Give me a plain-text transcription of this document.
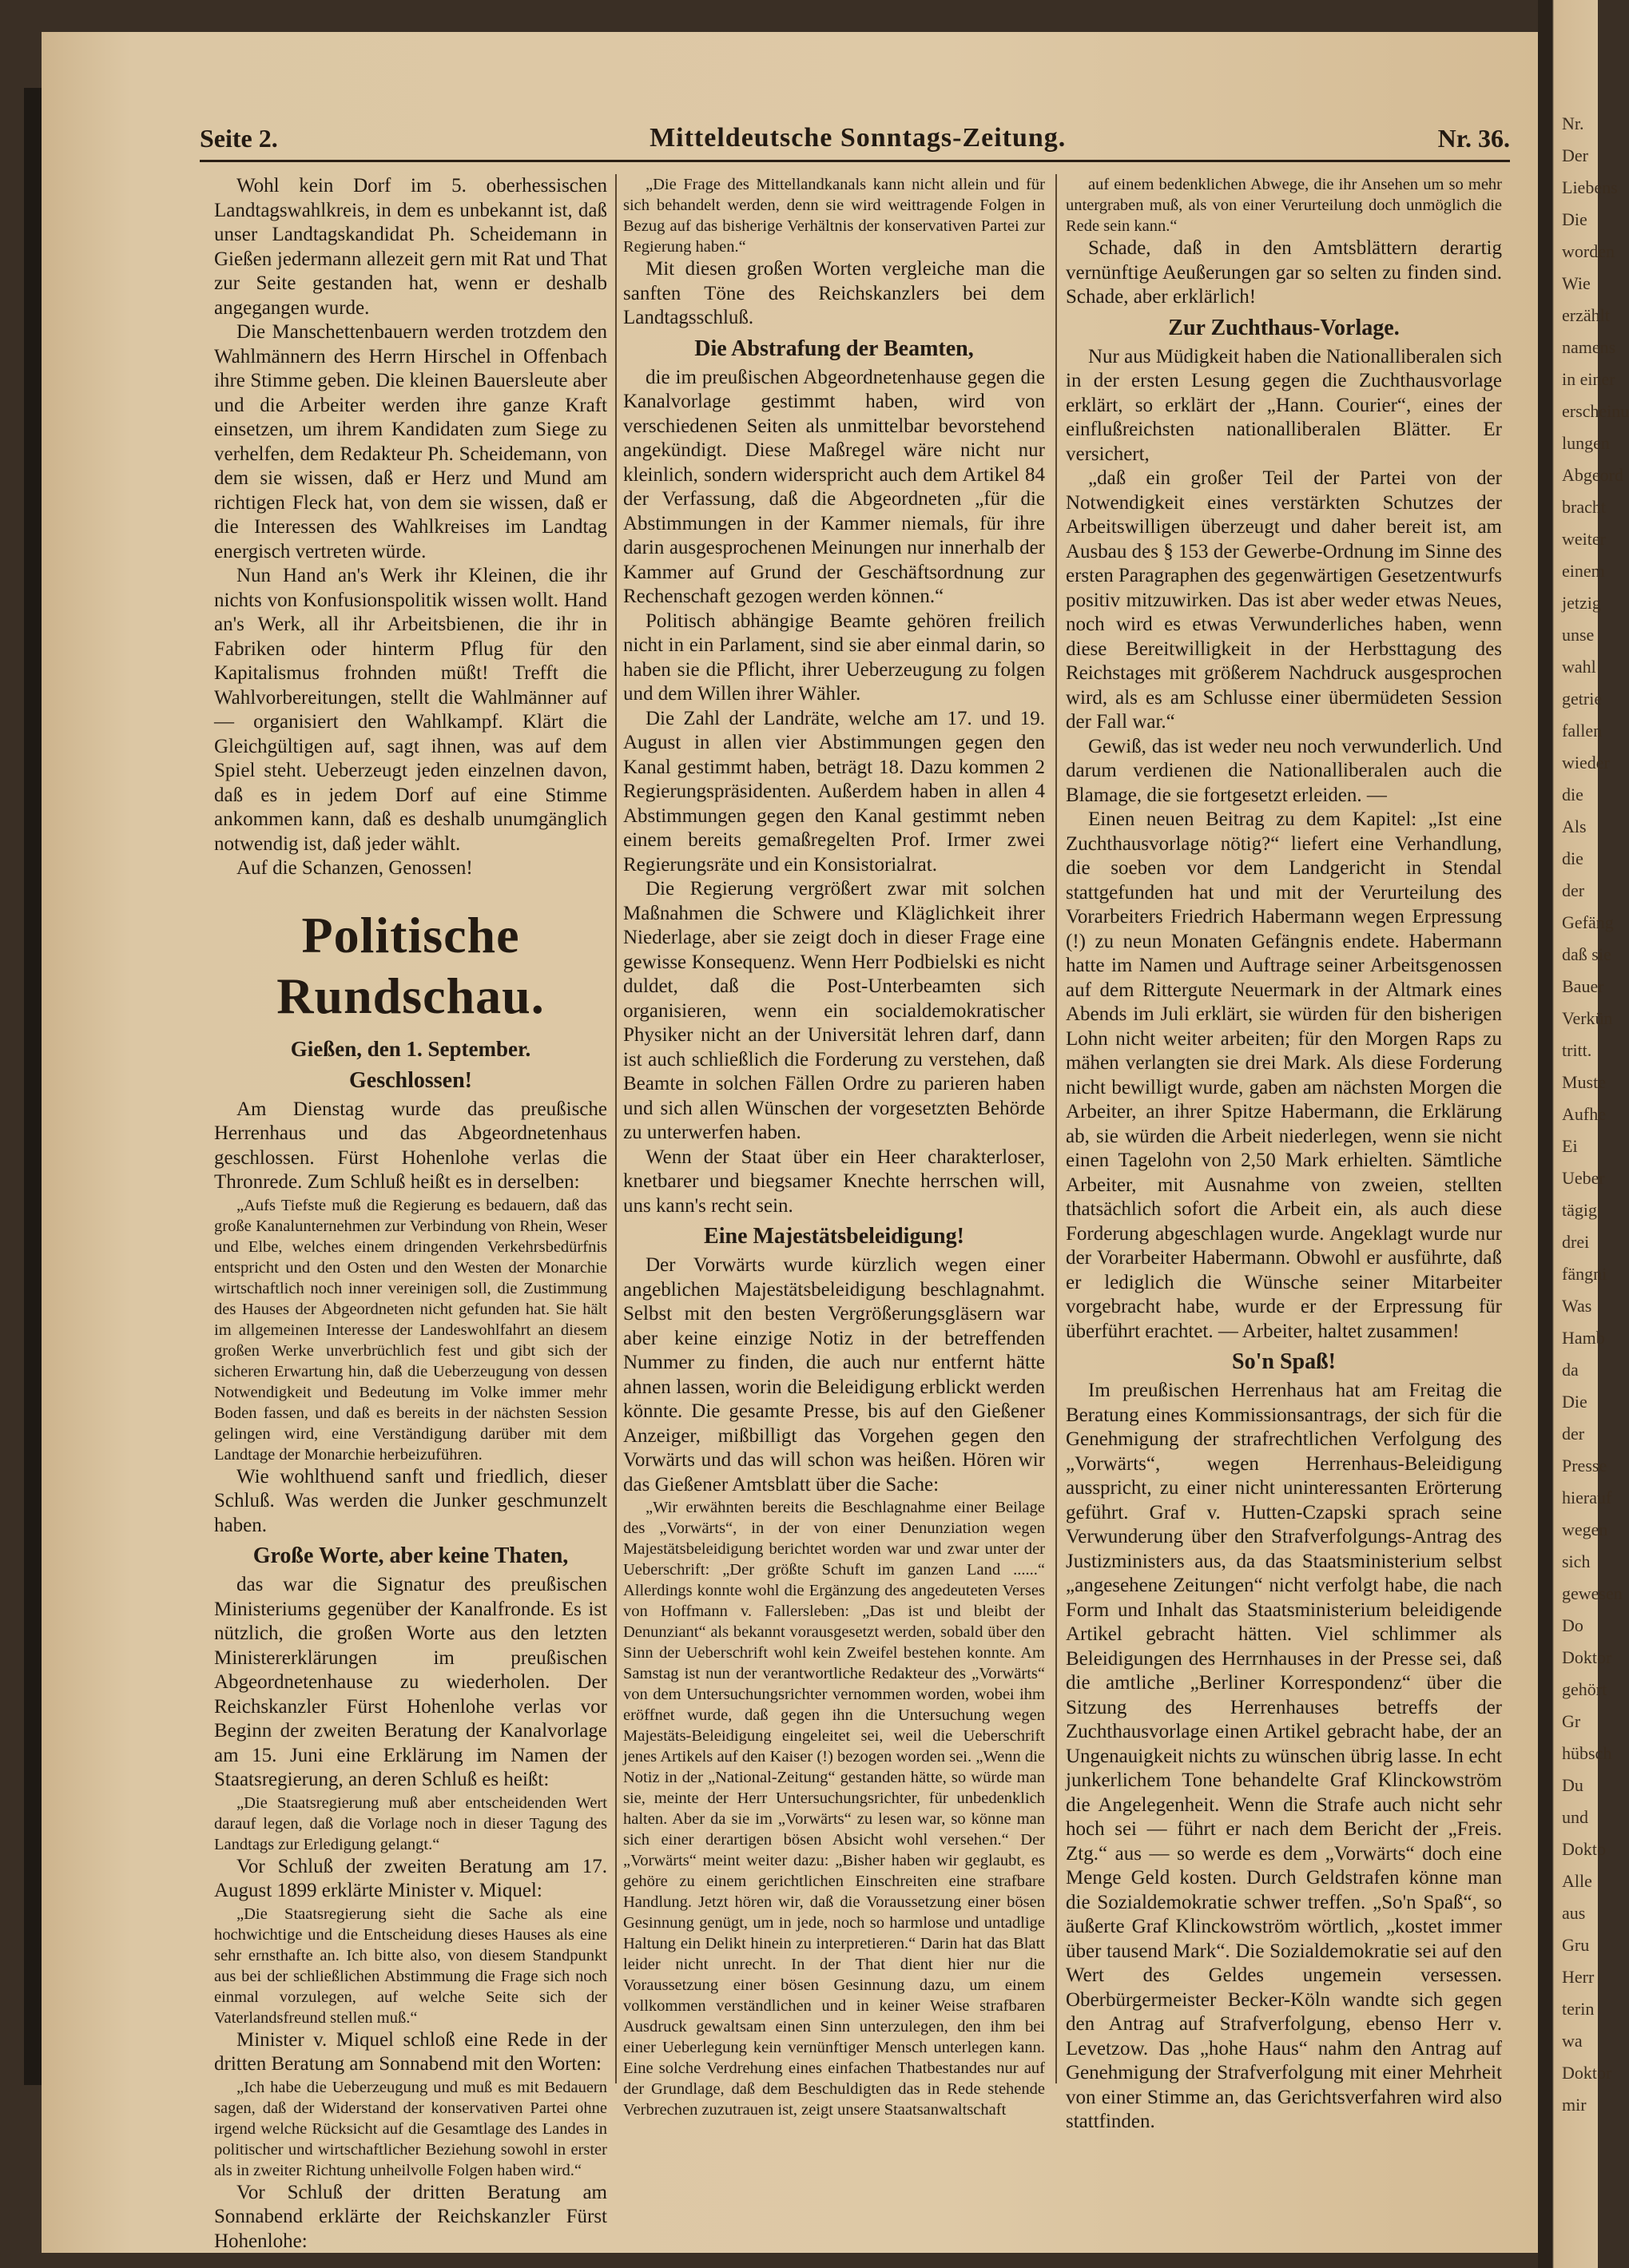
Nr.
Der
Liebens
Die
worden
Wie
erzählt
namens
in einer
erscheinu
lungen
Abgeord
bracht
weiter
einem
jetzig
unse
wahl
getrie
fallen
wieder
die
Als
die
der
Gefäng
daß sie
Bauer
Verkün
tritt.
Muste
Aufhe
Ei
Ueber
tägig
drei
fängni
Was
Hamb
da
Die
der
Presse
hierauf
wegen
sich
gewesen
Do
Doktor
gehört
Gr
hübsch
Du
und
Dokto
Alle
aus
Gru
Herr
terin
wa
Doktor
mir
Seite 2.	Mitteldeutsche Sonntags-Zeitung.	Nr. 36.

Wohl kein Dorf im 5. oberhessischen Landtagswahlkreis, in dem es unbekannt ist, daß unser Landtagskandidat Ph. Scheidemann in Gießen jedermann allezeit gern mit Rat und That zur Seite gestanden hat, wenn er deshalb angegangen wurde.

Die Manschettenbauern werden trotzdem den Wahlmännern des Herrn Hirschel in Offenbach ihre Stimme geben. Die kleinen Bauersleute aber und die Arbeiter werden ihre ganze Kraft einsetzen, um ihrem Kandidaten zum Siege zu verhelfen, dem Redakteur Ph. Scheidemann, von dem sie wissen, daß er Herz und Mund am richtigen Fleck hat, von dem sie wissen, daß er die Interessen des Wahlkreises im Landtag energisch vertreten würde.

Nun Hand an's Werk ihr Kleinen, die ihr nichts von Konfusionspolitik wissen wollt. Hand an's Werk, all ihr Arbeitsbienen, die ihr in Fabriken oder hinterm Pflug für den Kapitalismus frohnden müßt! Trefft die Wahlvorbereitungen, stellt die Wahlmänner auf — organisiert den Wahlkampf. Klärt die Gleichgültigen auf, sagt ihnen, was auf dem Spiel steht. Ueberzeugt jeden einzelnen davon, daß es in jedem Dorf auf eine Stimme ankommen kann, daß es deshalb unumgänglich notwendig ist, daß jeder wählt.

Auf die Schanzen, Genossen!

Politische Rundschau.
Gießen, den 1. September.
Geschlossen!

Am Dienstag wurde das preußische Herrenhaus und das Abgeordnetenhaus geschlossen. Fürst Hohenlohe verlas die Thronrede. Zum Schluß heißt es in derselben:

„Aufs Tiefste muß die Regierung es bedauern, daß das große Kanalunternehmen zur Verbindung von Rhein, Weser und Elbe, welches einem dringenden Verkehrsbedürfnis entspricht und den Osten und den Westen der Monarchie wirtschaftlich noch inner vereinigen soll, die Zustimmung des Hauses der Abgeordneten nicht gefunden hat. Sie hält im allgemeinen Interesse der Landeswohlfahrt an diesem großen Werke unverbrüchlich fest und gibt sich der sicheren Erwartung hin, daß die Ueberzeugung von dessen Notwendigkeit und Bedeutung im Volke immer mehr Boden fassen, und daß es bereits in der nächsten Session gelingen wird, eine Verständigung darüber mit dem Landtage der Monarchie herbeizuführen.

Wie wohlthuend sanft und friedlich, dieser Schluß. Was werden die Junker geschmunzelt haben.

Große Worte, aber keine Thaten,

das war die Signatur des preußischen Ministeriums gegenüber der Kanalfronde. Es ist nützlich, die großen Worte aus den letzten Ministererklärungen im preußischen Abgeordnetenhause zu wiederholen. Der Reichskanzler Fürst Hohenlohe verlas vor Beginn der zweiten Beratung der Kanalvorlage am 15. Juni eine Erklärung im Namen der Staatsregierung, an deren Schluß es heißt:

„Die Staatsregierung muß aber entscheidenden Wert darauf legen, daß die Vorlage noch in dieser Tagung des Landtags zur Erledigung gelangt.“

Vor Schluß der zweiten Beratung am 17. August 1899 erklärte Minister v. Miquel:

„Die Staatsregierung sieht die Sache als eine hochwichtige und die Entscheidung dieses Hauses als eine sehr ernsthafte an. Ich bitte also, von diesem Standpunkt aus bei der schließlichen Abstimmung die Frage sich noch einmal vorzulegen, auf welche Seite sich der Vaterlandsfreund stellen muß.“

Minister v. Miquel schloß eine Rede in der dritten Beratung am Sonnabend mit den Worten:

„Ich habe die Ueberzeugung und muß es mit Bedauern sagen, daß der Widerstand der konservativen Partei ohne irgend welche Rücksicht auf die Gesamtlage des Landes in politischer und wirtschaftlicher Beziehung sowohl in erster als in zweiter Richtung unheilvolle Folgen haben wird.“

Vor Schluß der dritten Beratung am Sonnabend erklärte der Reichskanzler Fürst Hohenlohe:

„Die Frage des Mittellandkanals kann nicht allein und für sich behandelt werden, denn sie wird weittragende Folgen in Bezug auf das bisherige Verhältnis der konservativen Partei zur Regierung haben.“

Mit diesen großen Worten vergleiche man die sanften Töne des Reichskanzlers bei dem Landtagsschluß.

Die Abstrafung der Beamten,

die im preußischen Abgeordnetenhause gegen die Kanalvorlage gestimmt haben, wird von verschiedenen Seiten als unmittelbar bevorstehend angekündigt. Diese Maßregel wäre nicht nur kleinlich, sondern widerspricht auch dem Artikel 84 der Verfassung, daß die Abgeordneten „für die Abstimmungen in der Kammer niemals, für ihre darin ausgesprochenen Meinungen nur innerhalb der Kammer auf Grund der Geschäftsordnung zur Rechenschaft gezogen werden können.“

Politisch abhängige Beamte gehören freilich nicht in ein Parlament, sind sie aber einmal darin, so haben sie die Pflicht, ihrer Ueberzeugung zu folgen und dem Willen ihrer Wähler.

Die Zahl der Landräte, welche am 17. und 19. August in allen vier Abstimmungen gegen den Kanal gestimmt haben, beträgt 18. Dazu kommen 2 Regierungspräsidenten. Außerdem haben in allen 4 Abstimmungen gegen den Kanal gestimmt neben einem bereits gemaßregelten Prof. Irmer zwei Regierungsräte und ein Konsistorialrat.

Die Regierung vergrößert zwar mit solchen Maßnahmen die Schwere und Kläglichkeit ihrer Niederlage, aber sie zeigt doch in dieser Frage eine gewisse Konsequenz. Wenn Herr Podbielski es nicht duldet, daß die Post-Unterbeamten sich organisieren, wenn ein socialdemokratischer Physiker nicht an der Universität lehren darf, dann ist auch schließlich die Forderung zu verstehen, daß Beamte in solchen Fällen Ordre zu parieren haben und sich allen Wünschen der vorgesetzten Behörde zu unterwerfen haben.

Wenn der Staat über ein Heer charakterloser, knetbarer und biegsamer Knechte herrschen will, uns kann's recht sein.

Eine Majestätsbeleidigung!

Der Vorwärts wurde kürzlich wegen einer angeblichen Majestätsbeleidigung beschlagnahmt. Selbst mit den besten Vergrößerungsgläsern war aber keine einzige Notiz in der betreffenden Nummer zu finden, die auch nur entfernt hätte ahnen lassen, worin die Beleidigung erblickt werden könnte. Die gesamte Presse, bis auf den Gießener Anzeiger, mißbilligt das Vorgehen gegen den Vorwärts und das will schon was heißen. Hören wir das Gießener Amtsblatt über die Sache:

„Wir erwähnten bereits die Beschlagnahme einer Beilage des „Vorwärts“, in der von einer Denunziation wegen Majestätsbeleidigung berichtet worden war und zwar unter der Ueberschrift: „Der größte Schuft im ganzen Land ......“ Allerdings konnte wohl die Ergänzung des angedeuteten Verses von Hoffmann v. Fallersleben: „Das ist und bleibt der Denunziant“ als bekannt vorausgesetzt werden, sobald über den Sinn der Ueberschrift wohl kein Zweifel bestehen konnte. Am Samstag ist nun der verantwortliche Redakteur des „Vorwärts“ von dem Untersuchungsrichter vernommen worden, wobei ihm eröffnet wurde, daß gegen ihn die Untersuchung wegen Majestäts-Beleidigung eingeleitet sei, weil die Ueberschrift jenes Artikels auf den Kaiser (!) bezogen worden sei. „Wenn die Notiz in der „National-Zeitung“ gestanden hätte, so würde man sie, meinte der Herr Untersuchungsrichter, für unbedenklich halten. Aber da sie im „Vorwärts“ zu lesen war, so könne man sich einer derartigen bösen Absicht wohl versehen.“ Der „Vorwärts“ meint weiter dazu: „Bisher haben wir geglaubt, es gehöre zu einem gerichtlichen Einschreiten eine strafbare Handlung. Jetzt hören wir, daß die Voraussetzung einer bösen Gesinnung genügt, um in jede, noch so harmlose und untadlige Haltung ein Delikt hinein zu interpretieren.“ Darin hat das Blatt leider nicht unrecht. In der That dient hier nur die Voraussetzung einer bösen Gesinnung dazu, um einem vollkommen verständlichen und in keiner Weise strafbaren Ausdruck gewaltsam einen Sinn unterzulegen, den ihm bei einer Ueberlegung kein vernünftiger Mensch unterlegen kann. Eine solche Verdrehung eines einfachen Thatbestandes nur auf der Grundlage, daß dem Beschuldigten das in Rede stehende Verbrechen zuzutrauen ist, zeigt unsere Staatsanwaltschaft

auf einem bedenklichen Abwege, die ihr Ansehen um so mehr untergraben muß, als von einer Verurteilung doch unmöglich die Rede sein kann.“

Schade, daß in den Amtsblättern derartig vernünftige Aeußerungen gar so selten zu finden sind. Schade, aber erklärlich!

Zur Zuchthaus-Vorlage.

Nur aus Müdigkeit haben die Nationalliberalen sich in der ersten Lesung gegen die Zuchthausvorlage erklärt, so erklärt der „Hann. Courier“, eines der einflußreichsten nationalliberalen Blätter. Er versichert,

„daß ein großer Teil der Partei von der Notwendigkeit eines verstärkten Schutzes der Arbeitswilligen überzeugt und daher bereit ist, am Ausbau des § 153 der Gewerbe-Ordnung im Sinne des ersten Paragraphen des gegenwärtigen Gesetzentwurfs positiv mitzuwirken. Das ist aber weder etwas Neues, noch wird es etwas Verwunderliches haben, wenn diese Bereitwilligkeit in der Herbsttagung des Reichstages mit größerem Nachdruck ausgesprochen wird, als es am Schlusse einer übermüdeten Session der Fall war.“

Gewiß, das ist weder neu noch verwunderlich. Und darum verdienen die Nationalliberalen auch die Blamage, die sie fortgesetzt erleiden. —

Einen neuen Beitrag zu dem Kapitel: „Ist eine Zuchthausvorlage nötig?“ liefert eine Verhandlung, die soeben vor dem Landgericht in Stendal stattgefunden hat und mit der Verurteilung des Vorarbeiters Friedrich Habermann wegen Erpressung (!) zu neun Monaten Gefängnis endete. Habermann hatte im Namen und Auftrage seiner Arbeitsgenossen auf dem Rittergute Neuermark in der Altmark eines Abends im Juli erklärt, sie würden für den bisherigen Lohn nicht weiter arbeiten; für den Morgen Raps zu mähen verlangten sie drei Mark. Als diese Forderung nicht bewilligt wurde, gaben am nächsten Morgen die Arbeiter, an ihrer Spitze Habermann, die Erklärung ab, sie würden die Arbeit niederlegen, wenn sie nicht einen Tagelohn von 2,50 Mark erhielten. Sämtliche Arbeiter, mit Ausnahme von zweien, stellten thatsächlich sofort die Arbeit ein, als auch diese Forderung abgeschlagen wurde. Angeklagt wurde nur der Vorarbeiter Habermann. Obwohl er ausführte, daß er lediglich die Wünsche seiner Mitarbeiter vorgebracht habe, wurde er der Erpressung für überführt erachtet. — Arbeiter, haltet zusammen!

So'n Spaß!

Im preußischen Herrenhaus hat am Freitag die Beratung eines Kommissionsantrags, der sich für die Genehmigung der strafrechtlichen Verfolgung des „Vorwärts“, wegen Herrenhaus-Beleidigung ausspricht, zu einer nicht uninteressanten Erörterung geführt. Graf v. Hutten-Czapski sprach seine Verwunderung über den Strafverfolgungs-Antrag des Justizministers aus, da das Staatsministerium selbst „angesehene Zeitungen“ nicht verfolgt habe, die nach Form und Inhalt das Staatsministerium beleidigende Artikel gebracht hätten. Viel schlimmer als Beleidigungen des Herrnhauses in der Presse sei, daß die amtliche „Berliner Korrespondenz“ über die Sitzung des Herrenhauses betreffs der Zuchthausvorlage einen Artikel gebracht habe, der an Ungenauigkeit nichts zu wünschen übrig lasse. In echt junkerlichem Tone behandelte Graf Klinckowström die Angelegenheit. Wenn die Strafe auch nicht sehr hoch sei — führt er nach dem Bericht der „Freis. Ztg.“ aus — so werde es dem „Vorwärts“ doch eine Menge Geld kosten. Durch Geldstrafen könne man die Sozialdemokratie schwer treffen. „So'n Spaß“, so äußerte Graf Klinckowström wörtlich, „kostet immer über tausend Mark“. Die Sozialdemokratie sei auf den Wert des Geldes ungemein versessen. Oberbürgermeister Becker-Köln wandte sich gegen den Antrag auf Strafverfolgung, ebenso Herr v. Levetzow. Das „hohe Haus“ nahm den Antrag auf Genehmigung der Strafverfolgung mit einer Mehrheit von einer Stimme an, das Gerichtsverfahren wird also stattfinden.
